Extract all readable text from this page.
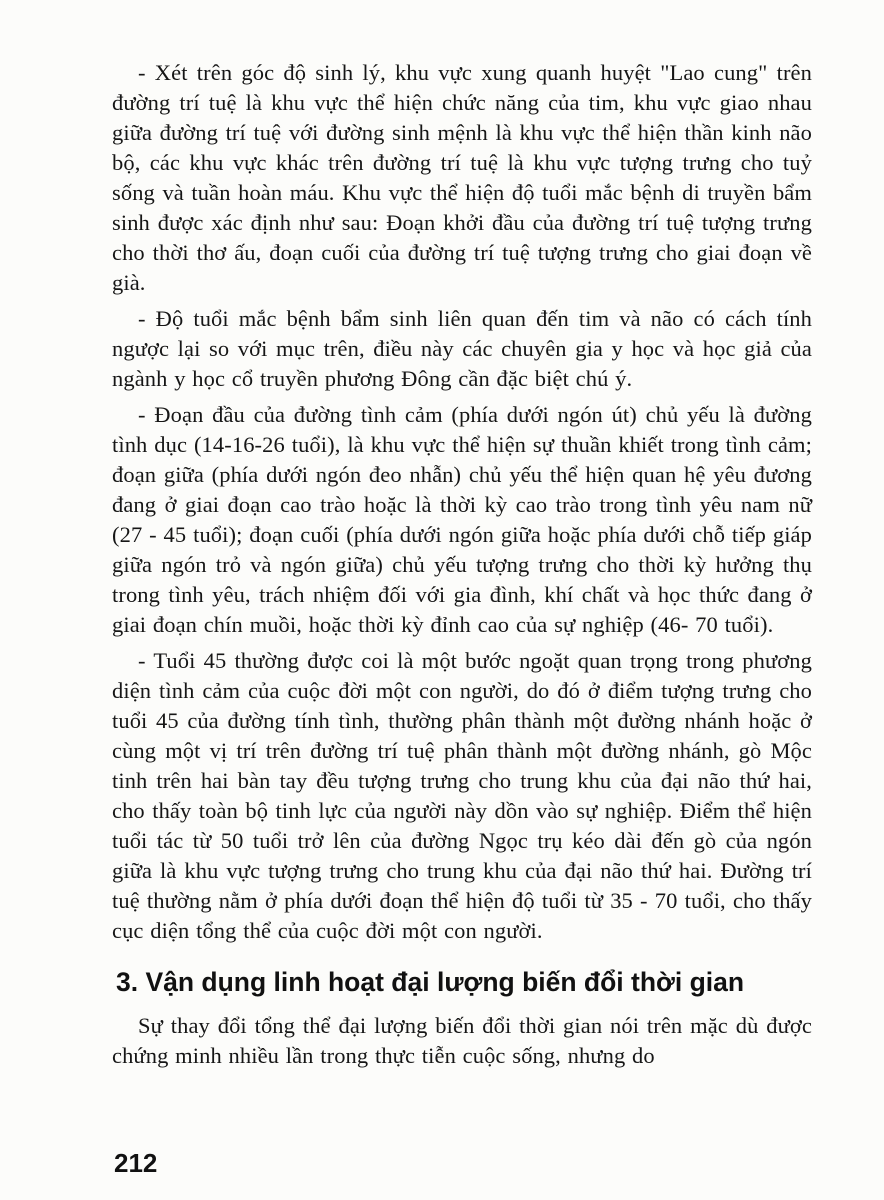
- Xét trên góc độ sinh lý, khu vực xung quanh huyệt "Lao cung" trên đường trí tuệ là khu vực thể hiện chức năng của tim, khu vực giao nhau giữa đường trí tuệ với đường sinh mệnh là khu vực thể hiện thần kinh não bộ, các khu vực khác trên đường trí tuệ là khu vực tượng trưng cho tuỷ sống và tuần hoàn máu. Khu vực thể hiện độ tuổi mắc bệnh di truyền bẩm sinh được xác định như sau: Đoạn khởi đầu của đường trí tuệ tượng trưng cho thời thơ ấu, đoạn cuối của đường trí tuệ tượng trưng cho giai đoạn về già.

- Độ tuổi mắc bệnh bẩm sinh liên quan đến tim và não có cách tính ngược lại so với mục trên, điều này các chuyên gia y học và học giả của ngành y học cổ truyền phương Đông cần đặc biệt chú ý.

- Đoạn đầu của đường tình cảm (phía dưới ngón út) chủ yếu là đường tình dục (14-16-26 tuổi), là khu vực thể hiện sự thuần khiết trong tình cảm; đoạn giữa (phía dưới ngón đeo nhẫn) chủ yếu thể hiện quan hệ yêu đương đang ở giai đoạn cao trào hoặc là thời kỳ cao trào trong tình yêu nam nữ (27 - 45 tuổi); đoạn cuối (phía dưới ngón giữa hoặc phía dưới chỗ tiếp giáp giữa ngón trỏ và ngón giữa) chủ yếu tượng trưng cho thời kỳ hưởng thụ trong tình yêu, trách nhiệm đối với gia đình, khí chất và học thức đang ở giai đoạn chín muồi, hoặc thời kỳ đỉnh cao của sự nghiệp (46- 70 tuổi).

- Tuổi 45 thường được coi là một bước ngoặt quan trọng trong phương diện tình cảm của cuộc đời một con người, do đó ở điểm tượng trưng cho tuổi 45 của đường tính tình, thường phân thành một đường nhánh hoặc ở cùng một vị trí trên đường trí tuệ phân thành một đường nhánh, gò Mộc tinh trên hai bàn tay đều tượng trưng cho trung khu của đại não thứ hai, cho thấy toàn bộ tinh lực của người này dồn vào sự nghiệp. Điểm thể hiện tuổi tác từ 50 tuổi trở lên của đường Ngọc trụ kéo dài đến gò của ngón giữa là khu vực tượng trưng cho trung khu của đại não thứ hai. Đường trí tuệ thường nằm ở phía dưới đoạn thể hiện độ tuổi từ 35 - 70 tuổi, cho thấy cục diện tổng thể của cuộc đời một con người.

3. Vận dụng linh hoạt đại lượng biến đổi thời gian

Sự thay đổi tổng thể đại lượng biến đổi thời gian nói trên mặc dù được chứng minh nhiều lần trong thực tiễn cuộc sống, nhưng do

212
